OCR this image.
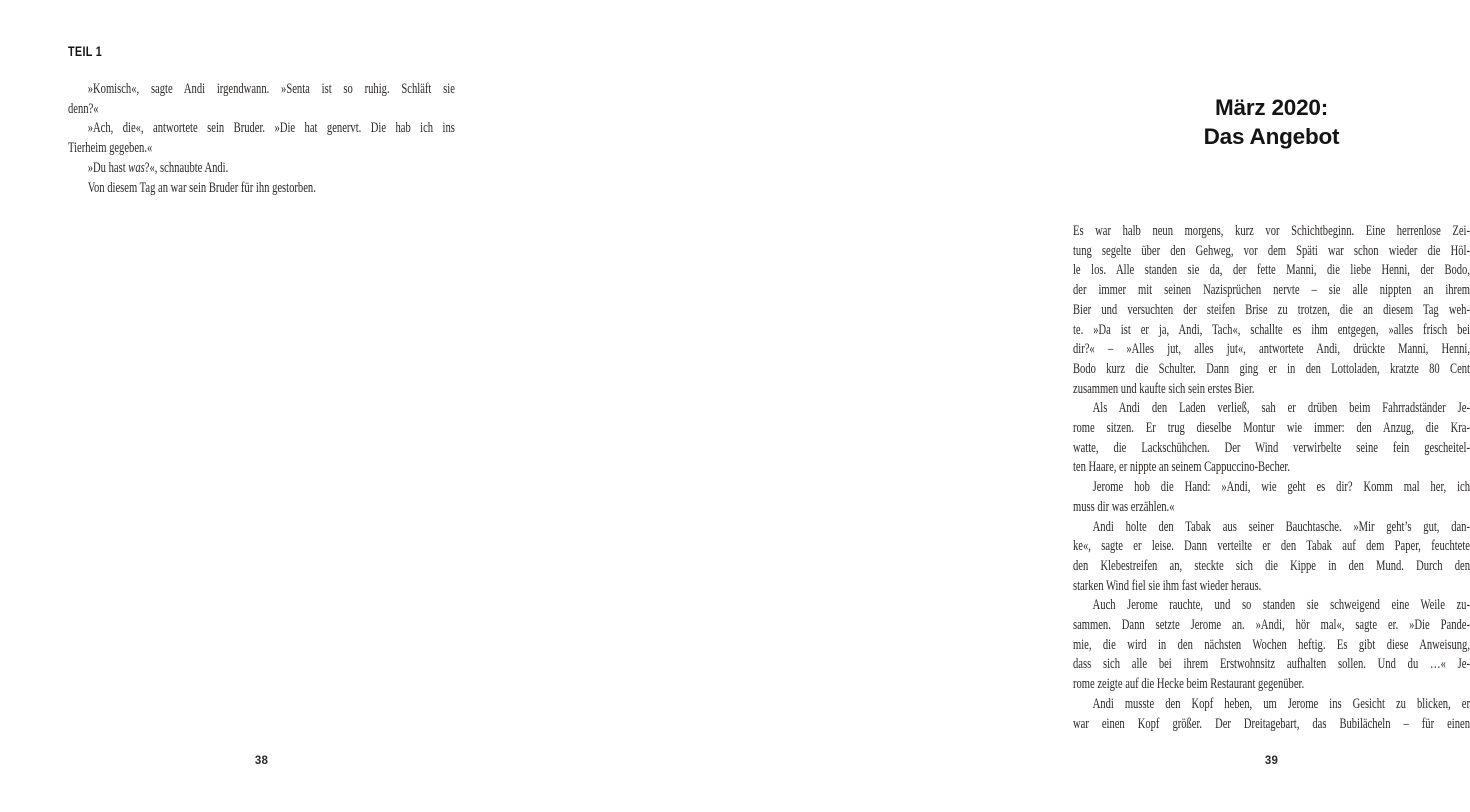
TEIL 1
»Komisch«, sagte Andi irgendwann. »Senta ist so ruhig. Schläft sie
denn?«
»Ach, die«, antwortete sein Bruder. »Die hat genervt. Die hab ich ins
Tierheim gegeben.«
»Du hast was?«, schnaubte Andi.
Von diesem Tag an war sein Bruder für ihn gestorben.
38
März 2020:
Das Angebot
Es war halb neun morgens, kurz vor Schichtbeginn. Eine herrenlose Zei-
tung segelte über den Gehweg, vor dem Späti war schon wieder die Höl-
le los. Alle standen sie da, der fette Manni, die liebe Henni, der Bodo,
der immer mit seinen Nazisprüchen nervte – sie alle nippten an ihrem
Bier und versuchten der steifen Brise zu trotzen, die an diesem Tag weh-
te. »Da ist er ja, Andi, Tach«, schallte es ihm entgegen, »alles frisch bei
dir?« – »Alles jut, alles jut«, antwortete Andi, drückte Manni, Henni,
Bodo kurz die Schulter. Dann ging er in den Lottoladen, kratzte 80 Cent
zusammen und kaufte sich sein erstes Bier.
Als Andi den Laden verließ, sah er drüben beim Fahrradständer Je-
rome sitzen. Er trug dieselbe Montur wie immer: den Anzug, die Kra-
watte, die Lackschühchen. Der Wind verwirbelte seine fein gescheitel-
ten Haare, er nippte an seinem Cappuccino-Becher.
Jerome hob die Hand: »Andi, wie geht es dir? Komm mal her, ich
muss dir was erzählen.«
Andi holte den Tabak aus seiner Bauchtasche. »Mir geht’s gut, dan-
ke«, sagte er leise. Dann verteilte er den Tabak auf dem Paper, feuchtete
den Klebestreifen an, steckte sich die Kippe in den Mund. Durch den
starken Wind fiel sie ihm fast wieder heraus.
Auch Jerome rauchte, und so standen sie schweigend eine Weile zu-
sammen. Dann setzte Jerome an. »Andi, hör mal«, sagte er. »Die Pande-
mie, die wird in den nächsten Wochen heftig. Es gibt diese Anweisung,
dass sich alle bei ihrem Erstwohnsitz aufhalten sollen. Und du …« Je-
rome zeigte auf die Hecke beim Restaurant gegenüber.
Andi musste den Kopf heben, um Jerome ins Gesicht zu blicken, er
war einen Kopf größer. Der Dreitagebart, das Bubilächeln – für einen
39
